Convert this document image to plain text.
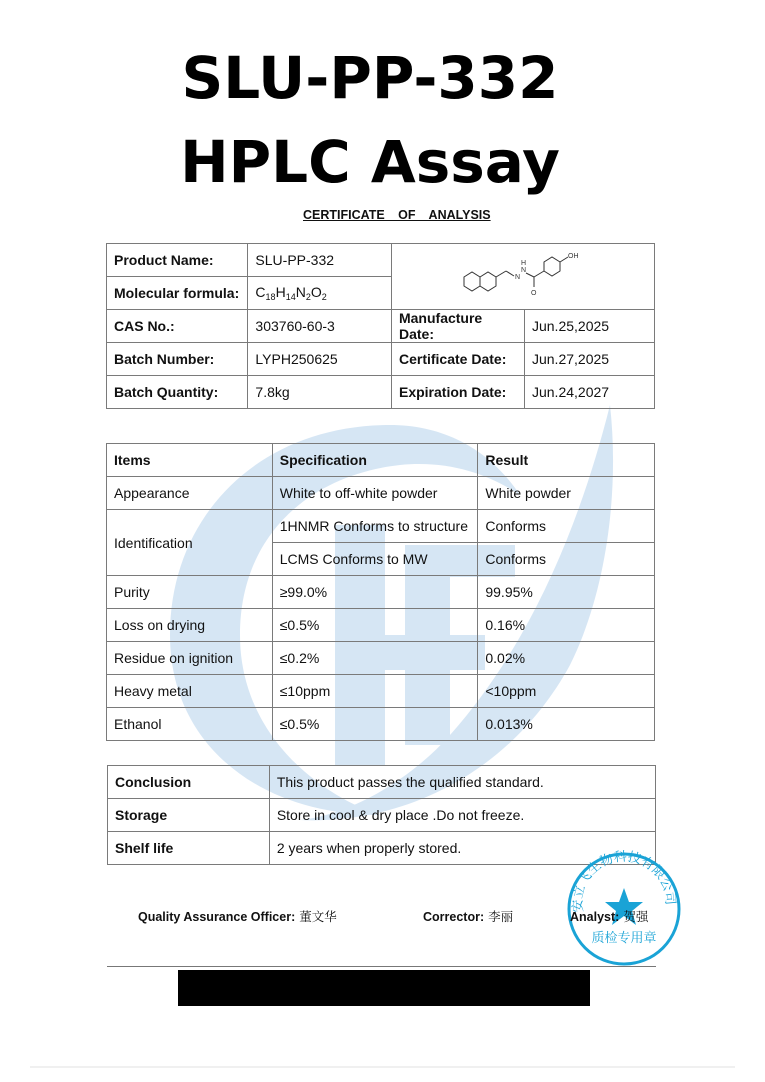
SLU-PP-332
HPLC Assay
CERTIFICATE OF ANALYSIS
Product Name:	SLU-PP-332	N
N
H
O
OH	

Molecular formula:	$C_{18}H_{14}N_2O_2$
CAS No.:	303760-60-3	Manufacture Date:	Jun.25,2025
Batch Number:	LYPH250625	Certificate Date:	Jun.27,2025
Batch Quantity:	7.8kg	Expiration Date:	Jun.24,2027
Items	Specification	Result
Appearance	White to off-white powder	White powder
Identification	1HNMR Conforms to structure	Conforms
	LCMS Conforms to MW	Conforms
Purity	≥99.0%	99.95%
Loss on drying	≤0.5%	0.16%
Residue on ignition	≤0.2%	0.02%
Heavy metal	≤10ppm	<10ppm
Ethanol	≤0.5%	0.013%
Conclusion	This product passes the qualified standard.
Storage	Store in cool & dry place .Do not freeze.
Shelf life	2 years when properly stored.
安立飞生物科技有限公司
质检专用章
Quality Assurance Officer: 董文华	Corrector: 李丽	Analyst: 贺强
